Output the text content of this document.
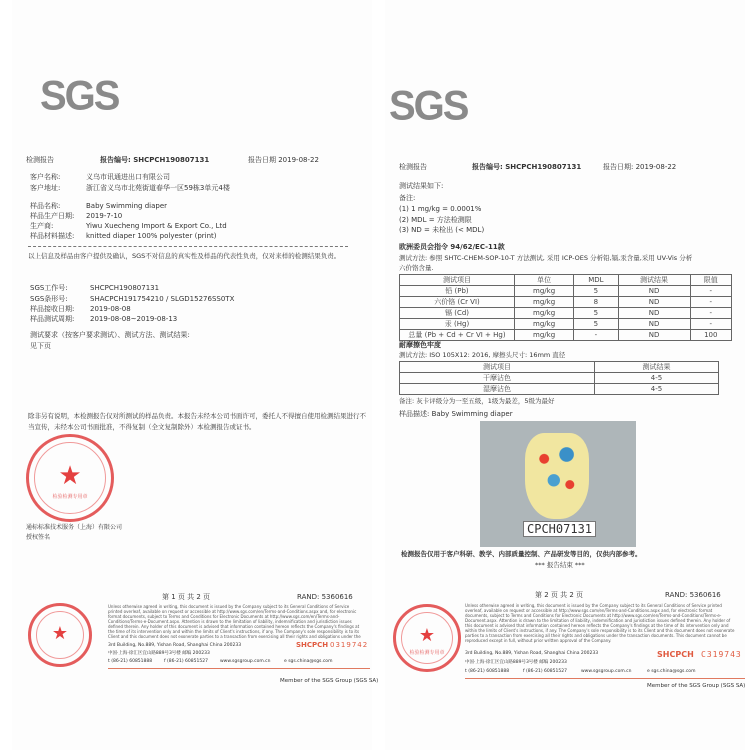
SGS
检测报告	报告编号: SHCPCH190807131	报告日期 2019-08-22
客户名称:	义乌市讯通进出口有限公司
客户地址:	浙江省义乌市北苑街道春华一区59栋3单元4楼
样品名称:	Baby Swimming diaper
样品生产日期: 2019-7-10
生产商:	Yiwu Xuecheng Import & Export Co., Ltd
样品材料描述: knitted diaper 100% polyester (print)
以上信息及样品由客户提供及确认，SGS不对信息的真实性及样品的代表性负责，仅对来样的检测结果负责。
SGS工作号:	SHCPCH190807131
SGS条形号:	SHACPCH191754210 / SLGD15276SS0TX
样品接收日期: 2019-08-08
样品测试周期: 2019-08-08~2019-08-13
测试要求（按客户要求测试）、测试方法、测试结果:
见下页
除非另有说明，本检测报告仅对所测试的样品负责。本报告未经本公司书面许可，委托人不得擅自使用检测结果进行不
当宣传，未经本公司书面批准，不得复制（全文复制除外）本检测报告或证书。
★
检验检测专用章
通标标准技术服务（上海）有限公司
授权签名
第 1 页 共 2 页	RAND: 5360616
★
Unless otherwise agreed in writing, this document is issued by the Company subject to its General Conditions of Service printed overleaf, available on request or accessible at http://www.sgs.com/en/Terms-and-Conditions.aspx and, for electronic format documents, subject to Terms and Conditions for Electronic Documents at http://www.sgs.com/en/Terms-and-Conditions/Terms-e-Document.aspx. Attention is drawn to the limitation of liability, indemnification and jurisdiction issues defined therein. Any holder of this document is advised that information contained hereon reflects the Company's findings at the time of its intervention only and within the limits of Client's instructions, if any. The Company's sole responsibility is to its Client and this document does not exonerate parties to a transaction from exercising all their rights and obligations under the
SHCPCH 0319742
3rd Building, No.889, Yishan Road, Shanghai China 200233
中国·上海·徐汇区宜山路889号3号楼 邮编 200233
t (86-21) 60851888	f (86-21) 60851527	www.sgsgroup.com.cn	e sgs.china@sgs.com
Member of the SGS Group (SGS SA)
SGS
检测报告	报告编号: SHCPCH190807131	报告日期: 2019-08-22
测试结果如下:
备注:
(1) 1 mg/kg = 0.0001%
(2) MDL = 方法检测限
(3) ND = 未检出 (< MDL)
欧洲委员会指令 94/62/EC-11款
测试方法: 参照 SHTC-CHEM-SOP-10-T 方法测试, 采用 ICP-OES 分析铅,镉,汞含量,采用 UV-Vis 分析
六价铬含量.
测试项目	单位	MDL	测试结果	限值
铅 (Pb)	mg/kg	5	ND	-
六价铬 (Cr VI)	mg/kg	8	ND	-
镉 (Cd)	mg/kg	5	ND	-
汞 (Hg)	mg/kg	5	ND	-
总量 (Pb + Cd + Cr VI + Hg)	mg/kg	-	ND	100
耐摩擦色牢度
测试方法: ISO 105X12: 2016, 摩擦头尺寸: 16mm 直径
测试项目	测试结果
干摩沾色	4-5
湿摩沾色	4-5
备注: 灰卡评级分为一至五级，1级为最差，5级为最好
样品描述: Baby Swimming diaper
CPCH07131
检测报告仅用于客户科研、教学、内部质量控制、产品研发等目的，仅供内部参考。
*** 报告结束 ***
第 2 页 共 2 页	RAND: 5360616
★
检验检测专用章
Unless otherwise agreed in writing, this document is issued by the Company subject to its General Conditions of Service printed overleaf, available on request or accessible at http://www.sgs.com/en/Terms-and-Conditions.aspx and, for electronic format documents, subject to Terms and Conditions for Electronic Documents at http://www.sgs.com/en/Terms-and-Conditions/Terms-e-Document.aspx. Attention is drawn to the limitation of liability, indemnification and jurisdiction issues defined therein. Any holder of this document is advised that information contained hereon reflects the Company's findings at the time of its intervention only and within the limits of Client's instructions, if any. The Company's sole responsibility is to its Client and this document does not exonerate parties to a transaction from exercising all their rights and obligations under the transaction documents. This document cannot be reproduced except in full, without prior written approval of the Company.
SHCPCH C319743
3rd Building, No.889, Yishan Road, Shanghai China 200233
中国·上海·徐汇区宜山路889号3号楼 邮编 200233
t (86-21) 60851888	f (86-21) 60851527	www.sgsgroup.com.cn	e sgs.china@sgs.com
Member of the SGS Group (SGS SA)
